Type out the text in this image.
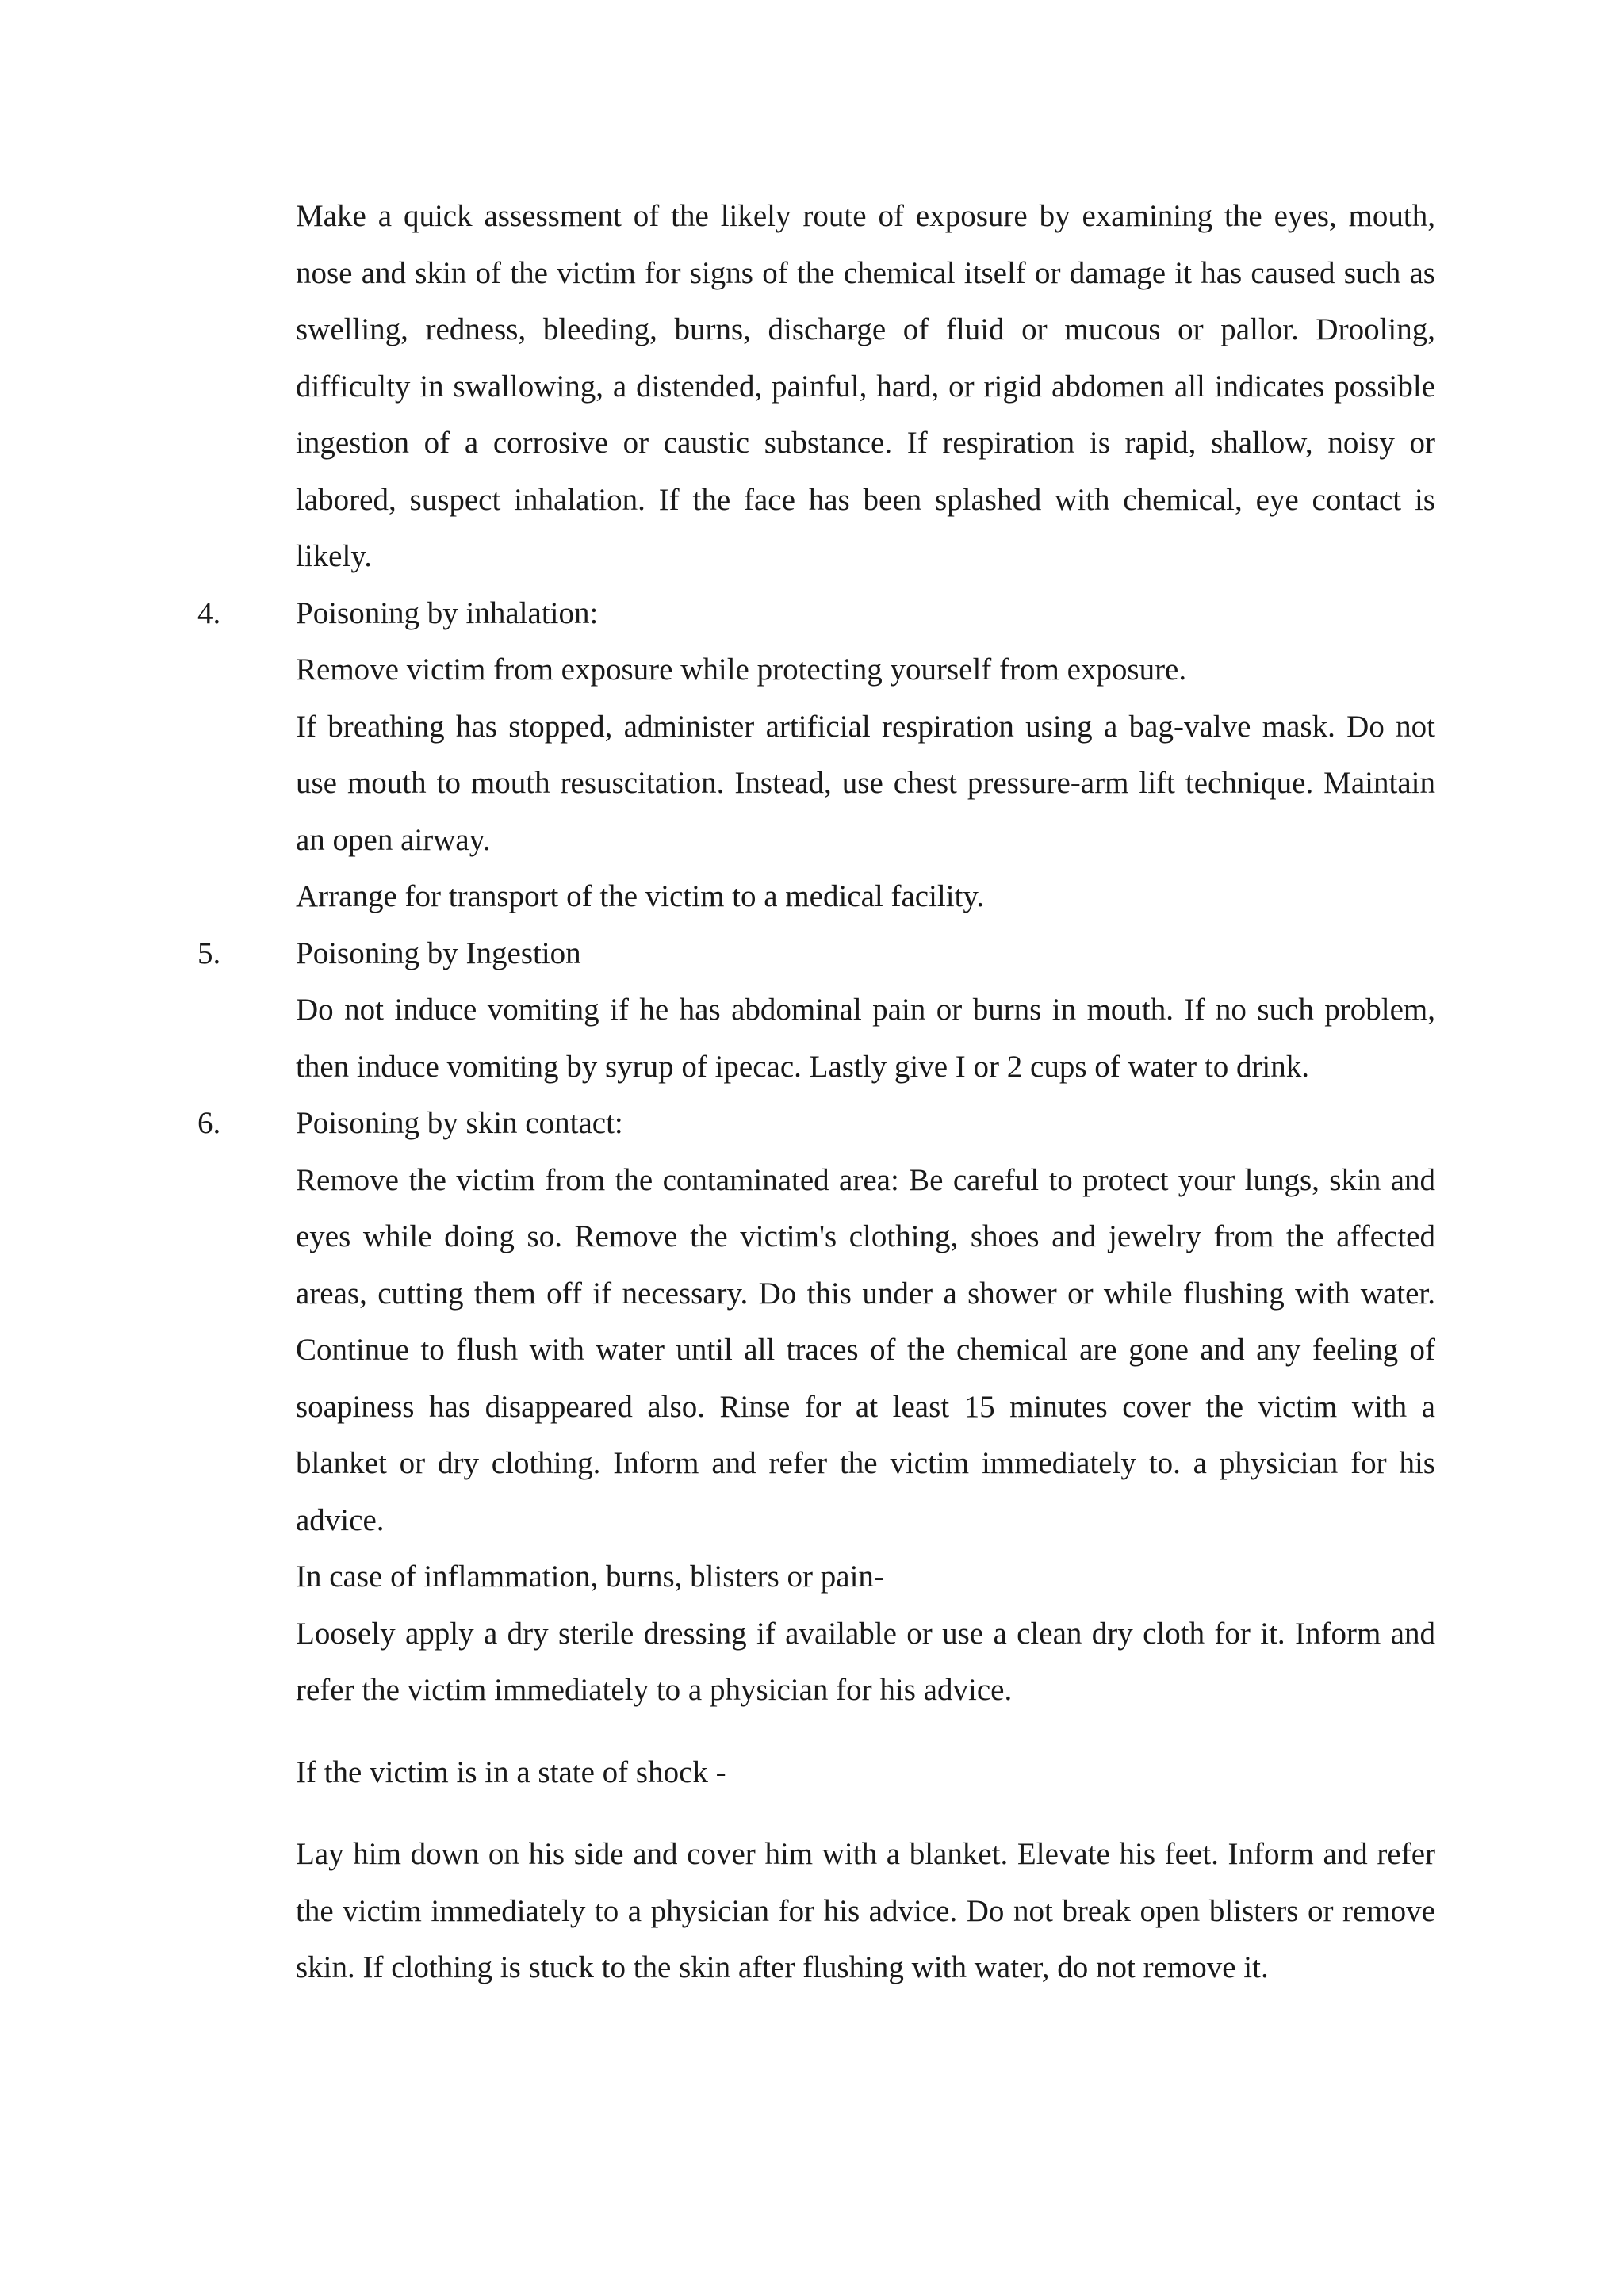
Make a quick assessment of the likely route of exposure by examining the eyes, mouth, nose and skin of the victim for signs of the chemical itself or damage it has caused such as swelling, redness, bleeding, burns, discharge of fluid or mucous or pallor. Drooling, difficulty in swallowing, a distended, painful, hard, or rigid abdomen all indicates possible ingestion of a corrosive or caustic substance. If respiration is rapid, shallow, noisy or labored, suspect inhalation. If the face has been splashed with chemical, eye contact is likely.

4. Poisoning by inhalation:

Remove victim from exposure while protecting yourself from exposure.

If breathing has stopped, administer artificial respiration using a bag-valve mask. Do not use mouth to mouth resuscitation. Instead, use chest pressure-arm lift technique. Maintain an open airway.

Arrange for transport of the victim to a medical facility.

5. Poisoning by Ingestion

Do not induce vomiting if he has abdominal pain or burns in mouth. If no such problem, then induce vomiting by syrup of ipecac. Lastly give I or 2 cups of water to drink.

6. Poisoning by skin contact:

Remove the victim from the contaminated area: Be careful to protect your lungs, skin and eyes while doing so. Remove the victim's clothing, shoes and jewelry from the affected areas, cutting them off if necessary. Do this under a shower or while flushing with water. Continue to flush with water until all traces of the chemical are gone and any feeling of soapiness has disappeared also. Rinse for at least 15 minutes cover the victim with a blanket or dry clothing. Inform and refer the victim immediately to. a physician for his advice.

In case of inflammation, burns, blisters or pain-

Loosely apply a dry sterile dressing if available or use a clean dry cloth for it. Inform and refer the victim immediately to a physician for his advice.

If the victim is in a state of shock -

Lay him down on his side and cover him with a blanket. Elevate his feet. Inform and refer the victim immediately to a physician for his advice. Do not break open blisters or remove skin. If clothing is stuck to the skin after flushing with water, do not remove it.
